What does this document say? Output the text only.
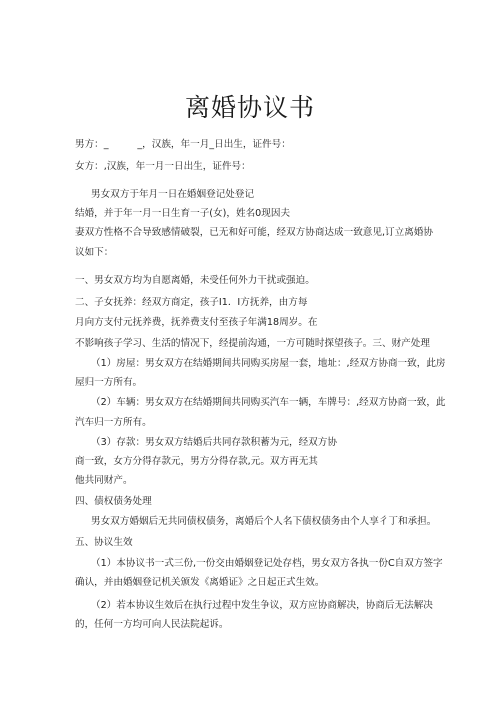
离婚协议书
男方：_　　　_，汉族，年一月_日出生，证件号：
女方：,汉族，年一月一日出生，证件号：
男女双方于年月一日在婚姻登记处登记
结婚，并于年一月一日生育一子(女)，姓名0现因夫
妻双方性格不合导致感情破裂，已无和好可能，经双方协商达成一致意见,订立离婚协
议如下：
一、男女双方均为自愿离婚，未受任何外力干扰或强迫。
二、子女抚养：经双方商定，孩子I1．I方抚养，由方每
月向方支付元抚养费，抚养费支付至孩子年满18周岁。在
不影响孩子学习、生活的情况下，经提前沟通，一方可随时探望孩子。三、财产处理
（1）房屋：男女双方在结婚期间共同购买房屋一套，地址：,经双方协商一致，此房
屋归一方所有。
（2）车辆：男女双方在结婚期间共同购买汽车一辆，车牌号：,经双方协商一致，此
汽车归一方所有。
（3）存款：男女双方结婚后共同存款积蓄为元，经双方协
商一致，女方分得存款元，男方分得存款,元。双方再无其
他共同财产。
四、债权债务处理
男女双方婚姻后无共同债权债务，离婚后个人名下债权债务由个人享彳丁和承担。
五、协议生效
（1）本协议书一式三份,一份交由婚姻登记处存档，男女双方各执一份C自双方签字
确认，并由婚姻登记机关颁发《离婚证》之日起正式生效。
（2）若本协议生效后在执行过程中发生争议，双方应协商解决，协商后无法解决
的，任何一方均可向人民法院起诉。
